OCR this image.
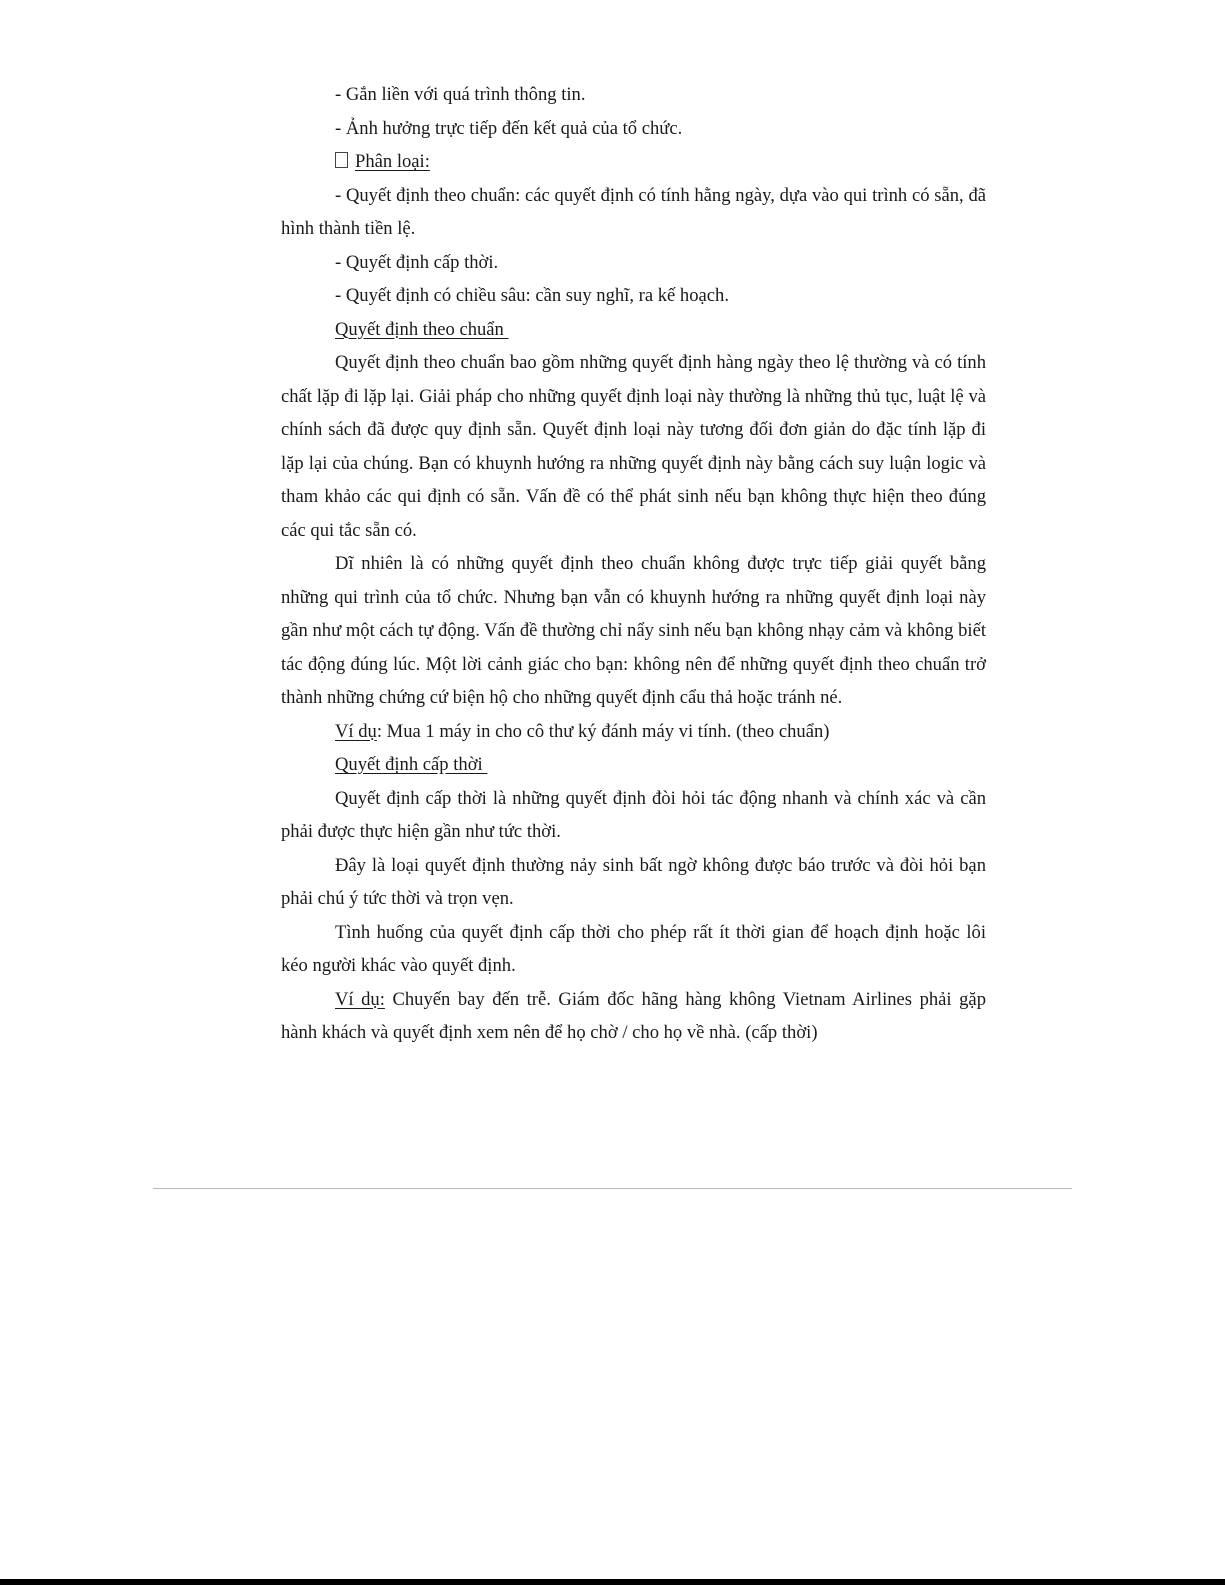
- Gắn liền với quá trình thông tin.

- Ảnh hưởng trực tiếp đến kết quả của tổ chức.

Phân loại:

- Quyết định theo chuẩn: các quyết định có tính hằng ngày, dựa vào qui trình có sẵn, đã hình thành tiền lệ.

- Quyết định cấp thời.

- Quyết định có chiều sâu: cần suy nghĩ, ra kế hoạch.

Quyết định theo chuẩn

Quyết định theo chuẩn bao gồm những quyết định hàng ngày theo lệ thường và có tính chất lặp đi lặp lại. Giải pháp cho những quyết định loại này thường là những thủ tục, luật lệ và chính sách đã được quy định sẵn. Quyết định loại này tương đối đơn giản do đặc tính lặp đi lặp lại của chúng. Bạn có khuynh hướng ra những quyết định này bằng cách suy luận logic và tham khảo các qui định có sẵn. Vấn đề có thể phát sinh nếu bạn không thực hiện theo đúng các qui tắc sẵn có.

Dĩ nhiên là có những quyết định theo chuẩn không được trực tiếp giải quyết bằng những qui trình của tổ chức. Nhưng bạn vẫn có khuynh hướng ra những quyết định loại này gần như một cách tự động. Vấn đề thường chỉ nẩy sinh nếu bạn không nhạy cảm và không biết tác động đúng lúc. Một lời cảnh giác cho bạn: không nên để những quyết định theo chuẩn trở thành những chứng cứ biện hộ cho những quyết định cẩu thả hoặc tránh né.

Ví dụ: Mua 1 máy in cho cô thư ký đánh máy vi tính. (theo chuẩn)

Quyết định cấp thời

Quyết định cấp thời là những quyết định đòi hỏi tác động nhanh và chính xác và cần phải được thực hiện gần như tức thời.

Đây là loại quyết định thường nảy sinh bất ngờ không được báo trước và đòi hỏi bạn phải chú ý tức thời và trọn vẹn.

Tình huống của quyết định cấp thời cho phép rất ít thời gian để hoạch định hoặc lôi kéo người khác vào quyết định.

Ví dụ: Chuyến bay đến trễ. Giám đốc hãng hàng không Vietnam Airlines phải gặp hành khách và quyết định xem nên để họ chờ / cho họ về nhà. (cấp thời)
